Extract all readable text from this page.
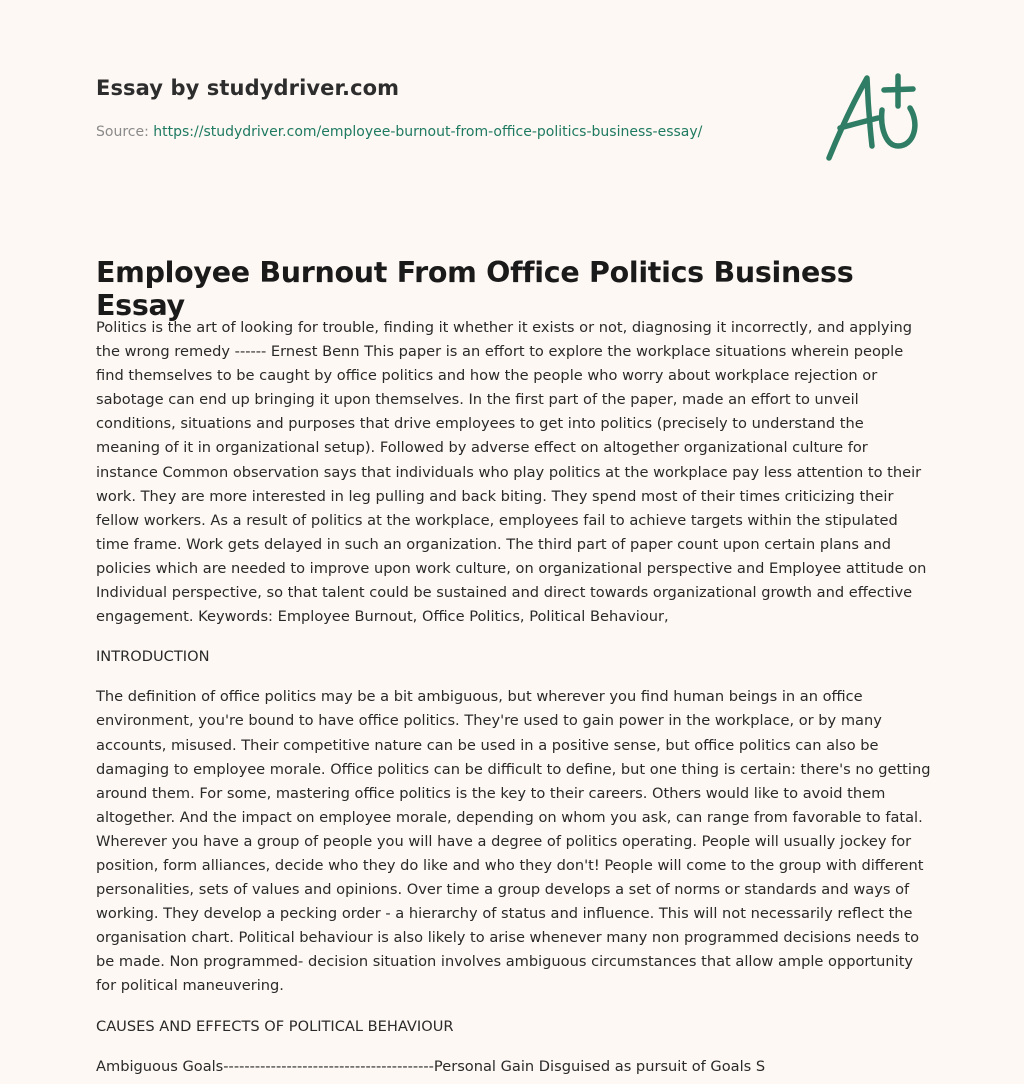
Essay by studydriver.com

Source: https://studydriver.com/employee-burnout-from-office-politics-business-essay/

Employee Burnout From Office Politics Business Essay

Politics is the art of looking for trouble, finding it whether it exists or not, diagnosing it incorrectly, and applying the wrong remedy ------ Ernest Benn This paper is an effort to explore the workplace situations wherein people find themselves to be caught by office politics and how the people who worry about workplace rejection or sabotage can end up bringing it upon themselves. In the first part of the paper, made an effort to unveil conditions, situations and purposes that drive employees to get into politics (precisely to understand the meaning of it in organizational setup). Followed by adverse effect on altogether organizational culture for instance Common observation says that individuals who play politics at the workplace pay less attention to their work. They are more interested in leg pulling and back biting. They spend most of their times criticizing their fellow workers. As a result of politics at the workplace, employees fail to achieve targets within the stipulated time frame. Work gets delayed in such an organization. The third part of paper count upon certain plans and policies which are needed to improve upon work culture, on organizational perspective and Employee attitude on Individual perspective, so that talent could be sustained and direct towards organizational growth and effective engagement. Keywords: Employee Burnout, Office Politics, Political Behaviour,

INTRODUCTION

The definition of office politics may be a bit ambiguous, but wherever you find human beings in an office environment, you're bound to have office politics. They're used to gain power in the workplace, or by many accounts, misused. Their competitive nature can be used in a positive sense, but office politics can also be damaging to employee morale. Office politics can be difficult to define, but one thing is certain: there's no getting around them. For some, mastering office politics is the key to their careers. Others would like to avoid them altogether. And the impact on employee morale, depending on whom you ask, can range from favorable to fatal. Wherever you have a group of people you will have a degree of politics operating. People will usually jockey for position, form alliances, decide who they do like and who they don't! People will come to the group with different personalities, sets of values and opinions. Over time a group develops a set of norms or standards and ways of working. They develop a pecking order - a hierarchy of status and influence. This will not necessarily reflect the organisation chart. Political behaviour is also likely to arise whenever many non programmed decisions needs to be made. Non programmed- decision situation involves ambiguous circumstances that allow ample opportunity for political maneuvering.

CAUSES AND EFFECTS OF POLITICAL BEHAVIOUR

Ambiguous Goals----------------------------------------Personal Gain Disguised as pursuit of Goals S
